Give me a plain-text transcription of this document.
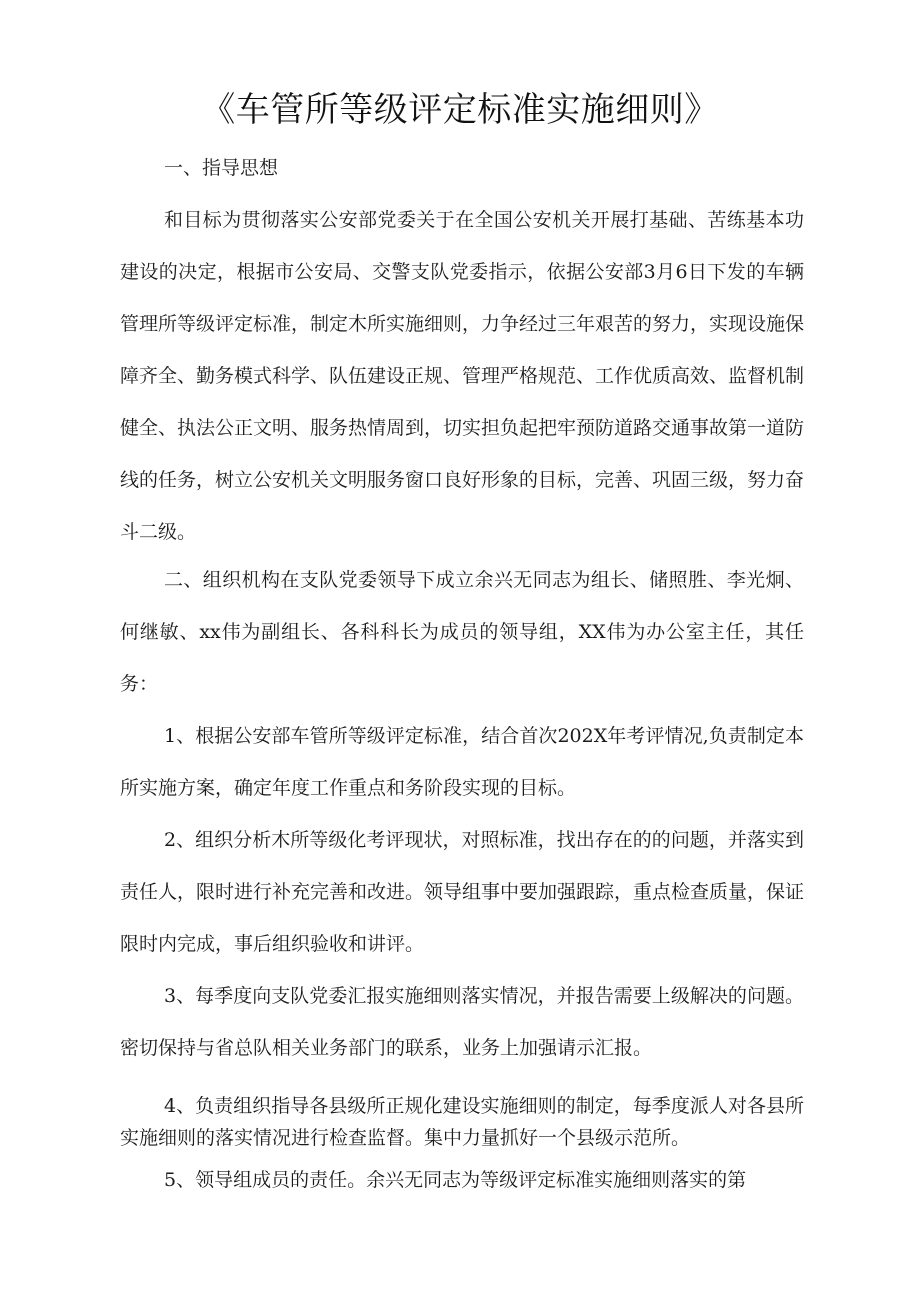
《车管所等级评定标准实施细则》

一、指导思想

和目标为贯彻落实公安部党委关于在全国公安机关开展打基础、苦练基本功建设的决定，根据市公安局、交警支队党委指示，依据公安部3月6日下发的车辆管理所等级评定标准，制定木所实施细则，力争经过三年艰苦的努力，实现设施保障齐全、勤务模式科学、队伍建设正规、管理严格规范、工作优质高效、监督机制健全、执法公正文明、服务热情周到，切实担负起把牢预防道路交通事故第一道防线的任务，树立公安机关文明服务窗口良好形象的目标，完善、巩固三级，努力奋斗二级。

二、组织机构在支队党委领导下成立余兴无同志为组长、储照胜、李光炯、何继敏、xx伟为副组长、各科科长为成员的领导组，XX伟为办公室主任，其任务：

1、根据公安部车管所等级评定标准，结合首次202X年考评情况,负责制定本所实施方案，确定年度工作重点和务阶段实现的目标。

2、组织分析木所等级化考评现状，对照标准，找出存在的的问题，并落实到责任人，限时进行补充完善和改进。领导组事中要加强跟踪，重点检查质量，保证限时内完成，事后组织验收和讲评。

3、每季度向支队党委汇报实施细则落实情况，并报告需要上级解决的问题。密切保持与省总队相关业务部门的联系，业务上加强请示汇报。

4、负责组织指导各县级所正规化建设实施细则的制定，每季度派人对各县所实施细则的落实情况进行检查监督。集中力量抓好一个县级示范所。

5、领导组成员的责任。余兴无同志为等级评定标准实施细则落实的第
